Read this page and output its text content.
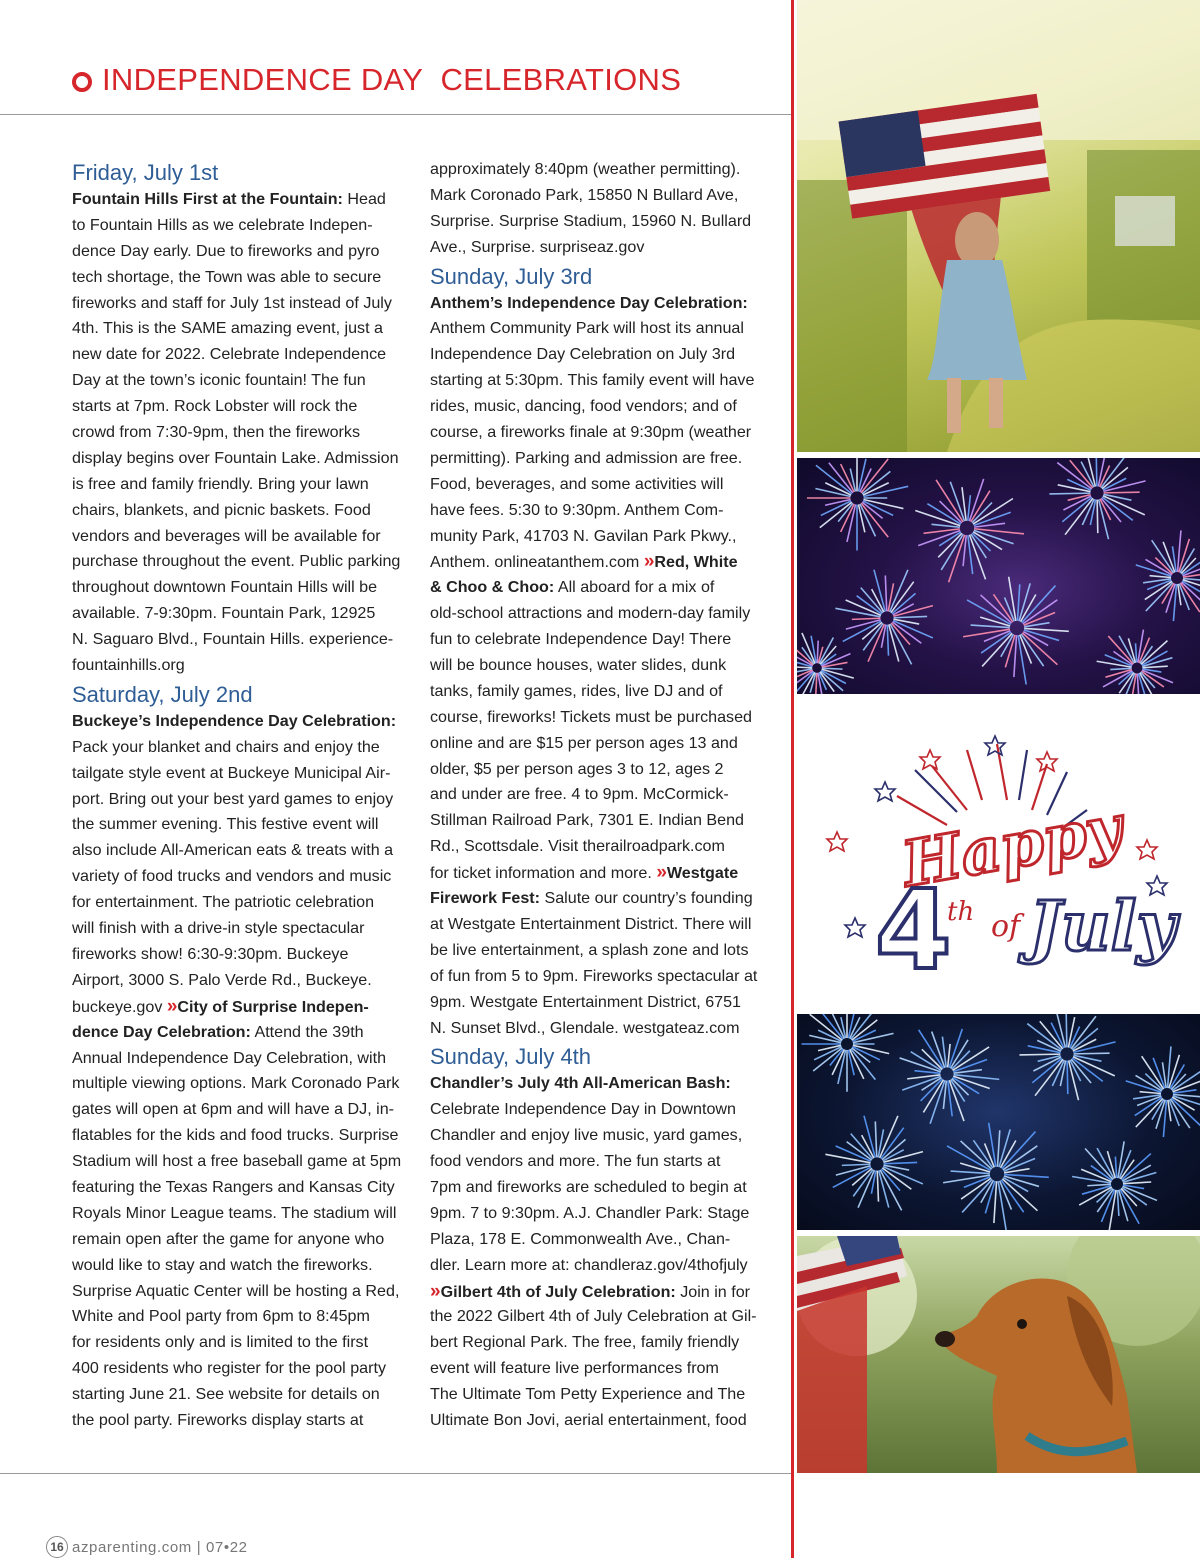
INDEPENDENCE DAY  CELEBRATIONS
Friday, July 1st
Fountain Hills First at the Fountain: Head
to Fountain Hills as we celebrate Indepen-
dence Day early. Due to fireworks and pyro
tech shortage, the Town was able to secure
fireworks and staff for July 1st instead of July
4th. This is the SAME amazing event, just a
new date for 2022. Celebrate Independence
Day at the town’s iconic fountain! The fun
starts at 7pm. Rock Lobster will rock the
crowd from 7:30-9pm, then the fireworks
display begins over Fountain Lake. Admission
is free and family friendly. Bring your lawn
chairs, blankets, and picnic baskets. Food
vendors and beverages will be available for
purchase throughout the event. Public parking
throughout downtown Fountain Hills will be
available. 7-9:30pm. Fountain Park, 12925
N. Saguaro Blvd., Fountain Hills. experience-
fountainhills.org
Saturday, July 2nd
Buckeye’s Independence Day Celebration:
Pack your blanket and chairs and enjoy the
tailgate style event at Buckeye Municipal Air-
port. Bring out your best yard games to enjoy
the summer evening. This festive event will
also include All-American eats & treats with a
variety of food trucks and vendors and music
for entertainment. The patriotic celebration
will finish with a drive-in style spectacular
fireworks show! 6:30-9:30pm. Buckeye
Airport, 3000 S. Palo Verde Rd., Buckeye.
buckeye.gov » City of Surprise Indepen-
dence Day Celebration: Attend the 39th
Annual Independence Day Celebration, with
multiple viewing options. Mark Coronado Park
gates will open at 6pm and will have a DJ, in-
flatables for the kids and food trucks. Surprise
Stadium will host a free baseball game at 5pm
featuring the Texas Rangers and Kansas City
Royals Minor League teams. The stadium will
remain open after the game for anyone who
would like to stay and watch the fireworks.
Surprise Aquatic Center will be hosting a Red,
White and Pool party from 6pm to 8:45pm
for residents only and is limited to the first
400 residents who register for the pool party
starting June 21. See website for details on
the pool party. Fireworks display starts at
approximately 8:40pm (weather permitting).
Mark Coronado Park, 15850 N Bullard Ave,
Surprise. Surprise Stadium, 15960 N. Bullard
Ave., Surprise. surpriseaz.gov
Sunday, July 3rd
Anthem’s Independence Day Celebration:
Anthem Community Park will host its annual
Independence Day Celebration on July 3rd
starting at 5:30pm. This family event will have
rides, music, dancing, food vendors; and of
course, a fireworks finale at 9:30pm (weather
permitting). Parking and admission are free.
Food, beverages, and some activities will
have fees. 5:30 to 9:30pm. Anthem Com-
munity Park, 41703 N. Gavilan Park Pkwy.,
Anthem. onlineatanthem.com » Red, White
& Choo & Choo: All aboard for a mix of
old-school attractions and modern-day family
fun to celebrate Independence Day! There
will be bounce houses, water slides, dunk
tanks, family games, rides, live DJ and of
course, fireworks! Tickets must be purchased
online and are $15 per person ages 13 and
older, $5 per person ages 3 to 12, ages 2
and under are free. 4 to 9pm. McCormick-
Stillman Railroad Park, 7301 E. Indian Bend
Rd., Scottsdale. Visit therailroadpark.com
for ticket information and more. » Westgate
Firework Fest: Salute our country’s founding
at Westgate Entertainment District. There will
be live entertainment, a splash zone and lots
of fun from 5 to 9pm. Fireworks spectacular at
9pm. Westgate Entertainment District, 6751
N. Sunset Blvd., Glendale. westgateaz.com
Sunday, July 4th
Chandler’s July 4th All-American Bash:
Celebrate Independence Day in Downtown
Chandler and enjoy live music, yard games,
food vendors and more. The fun starts at
7pm and fireworks are scheduled to begin at
9pm. 7 to 9:30pm. A.J. Chandler Park: Stage
Plaza, 178 E. Commonwealth Ave., Chan-
dler. Learn more at: chandleraz.gov/4thofjuly
» Gilbert 4th of July Celebration: Join in for
the 2022 Gilbert 4th of July Celebration at Gil-
bert Regional Park. The free, family friendly
event will feature live performances from
The Ultimate Tom Petty Experience and The
Ultimate Bon Jovi, aerial entertainment, food
16 azparenting.com
|
07•22
Happy
4
th of July
